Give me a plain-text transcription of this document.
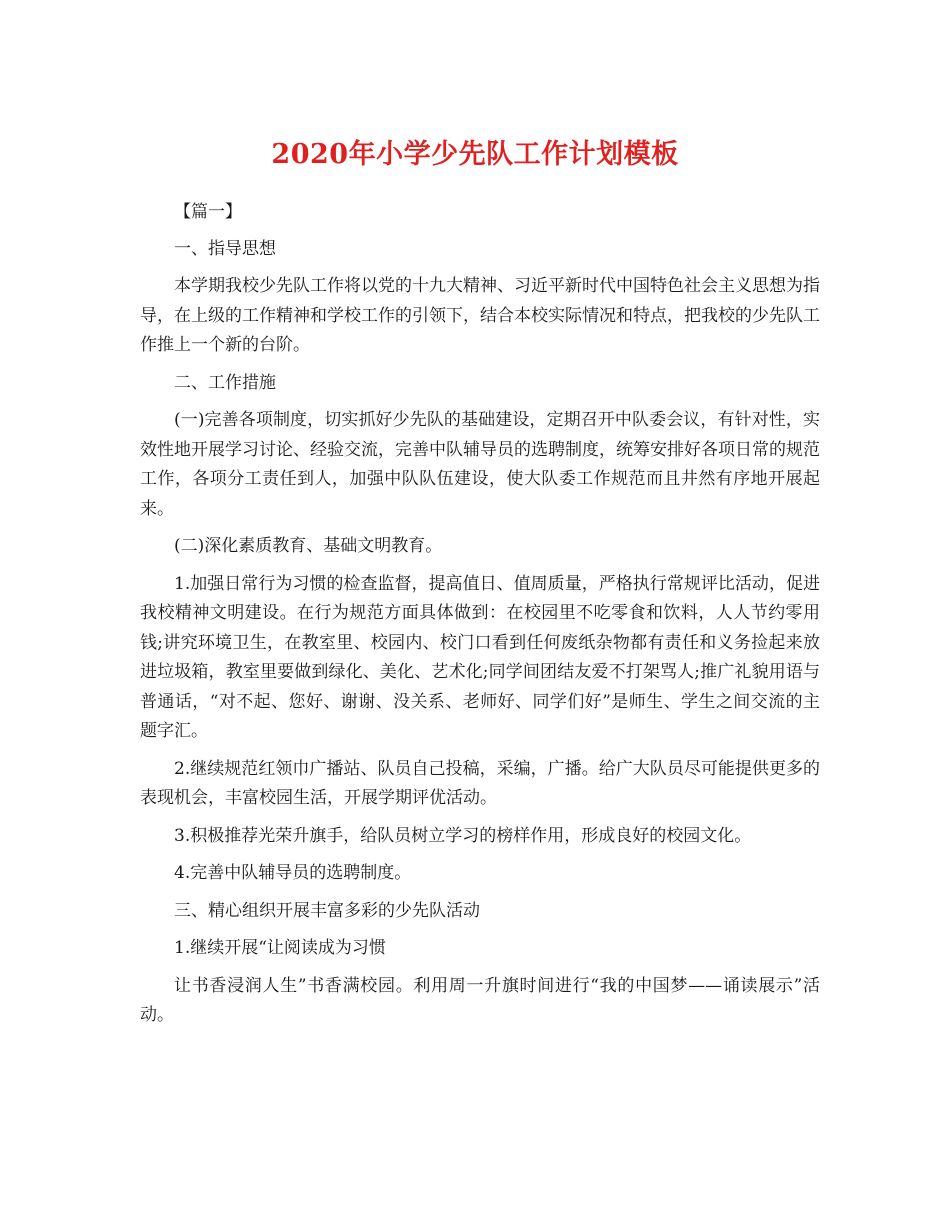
2020年小学少先队工作计划模板

【篇一】

一、指导思想

本学期我校少先队工作将以党的十九大精神、习近平新时代中国特色社会主义思想为指导，在上级的工作精神和学校工作的引领下，结合本校实际情况和特点，把我校的少先队工作推上一个新的台阶。

二、工作措施

(一)完善各项制度，切实抓好少先队的基础建设，定期召开中队委会议，有针对性，实效性地开展学习讨论、经验交流，完善中队辅导员的选聘制度，统筹安排好各项日常的规范工作，各项分工责任到人，加强中队队伍建设，使大队委工作规范而且井然有序地开展起来。

(二)深化素质教育、基础文明教育。

1.加强日常行为习惯的检查监督，提高值日、值周质量，严格执行常规评比活动，促进我校精神文明建设。在行为规范方面具体做到：在校园里不吃零食和饮料，人人节约零用钱;讲究环境卫生，在教室里、校园内、校门口看到任何废纸杂物都有责任和义务捡起来放进垃圾箱，教室里要做到绿化、美化、艺术化;同学间团结友爱不打架骂人;推广礼貌用语与普通话，“对不起、您好、谢谢、没关系、老师好、同学们好”是师生、学生之间交流的主题字汇。

2.继续规范红领巾广播站、队员自己投稿，采编，广播。给广大队员尽可能提供更多的表现机会，丰富校园生活，开展学期评优活动。

3.积极推荐光荣升旗手，给队员树立学习的榜样作用，形成良好的校园文化。

4.完善中队辅导员的选聘制度。

三、精心组织开展丰富多彩的少先队活动

1.继续开展“让阅读成为习惯

让书香浸润人生”书香满校园。利用周一升旗时间进行“我的中国梦——诵读展示”活动。
